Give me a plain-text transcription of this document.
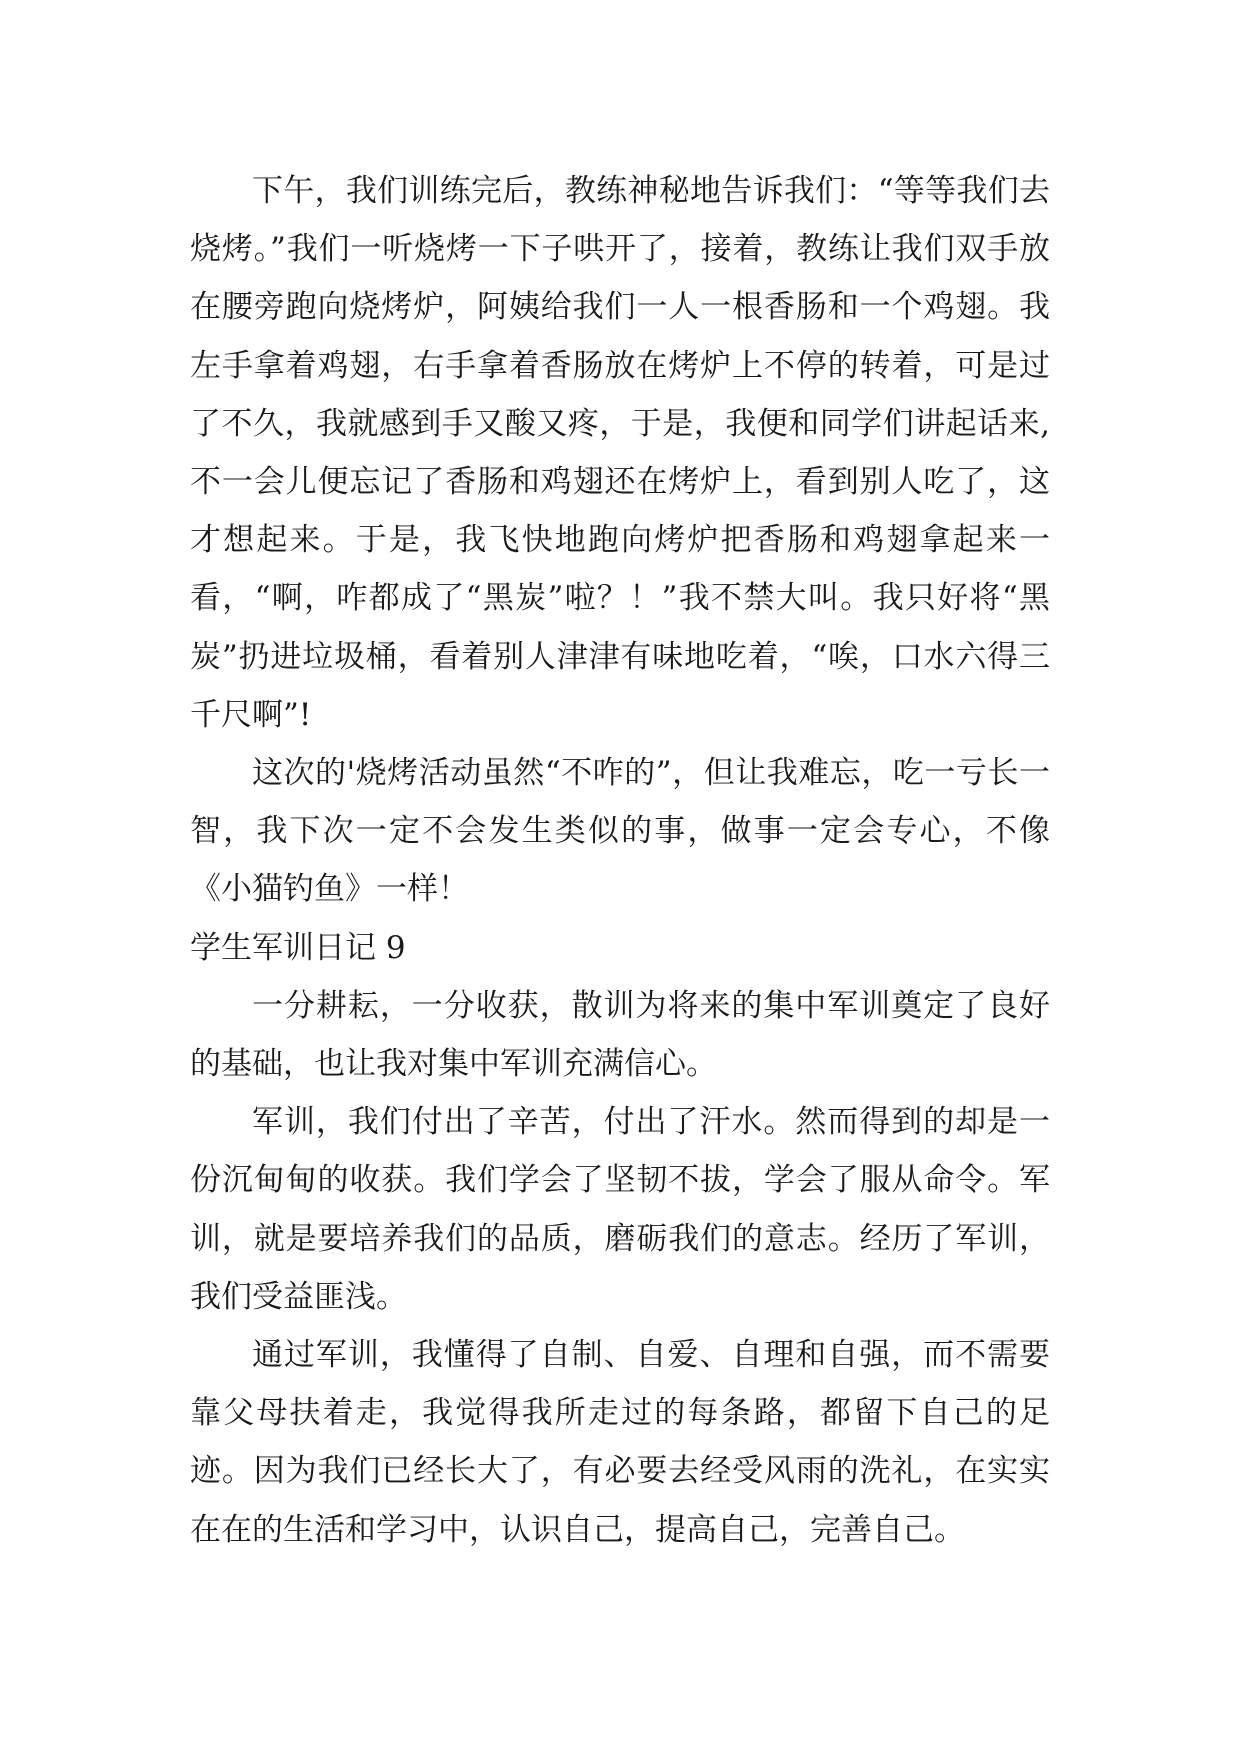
下午，我们训练完后，教练神秘地告诉我们：“等等我们去烧烤。”我们一听烧烤一下子哄开了，接着，教练让我们双手放在腰旁跑向烧烤炉，阿姨给我们一人一根香肠和一个鸡翅。我左手拿着鸡翅，右手拿着香肠放在烤炉上不停的转着，可是过了不久，我就感到手又酸又疼，于是，我便和同学们讲起话来,不一会儿便忘记了香肠和鸡翅还在烤炉上，看到别人吃了，这才想起来。于是，我飞快地跑向烤炉把香肠和鸡翅拿起来一看，“啊，咋都成了“黑炭”啦？！”我不禁大叫。我只好将“黑炭”扔进垃圾桶，看着别人津津有味地吃着，“唉，口水六得三千尺啊”!

这次的'烧烤活动虽然“不咋的”，但让我难忘，吃一亏长一智，我下次一定不会发生类似的事，做事一定会专心，不像《小猫钓鱼》一样！

学生军训日记 9

一分耕耘，一分收获，散训为将来的集中军训奠定了良好的基础，也让我对集中军训充满信心。

军训，我们付出了辛苦，付出了汗水。然而得到的却是一份沉甸甸的收获。我们学会了坚韧不拔，学会了服从命令。军训，就是要培养我们的品质，磨砺我们的意志。经历了军训，我们受益匪浅。

通过军训，我懂得了自制、自爱、自理和自强，而不需要靠父母扶着走，我觉得我所走过的每条路，都留下自己的足迹。因为我们已经长大了，有必要去经受风雨的洗礼，在实实在在的生活和学习中，认识自己，提高自己，完善自己。
